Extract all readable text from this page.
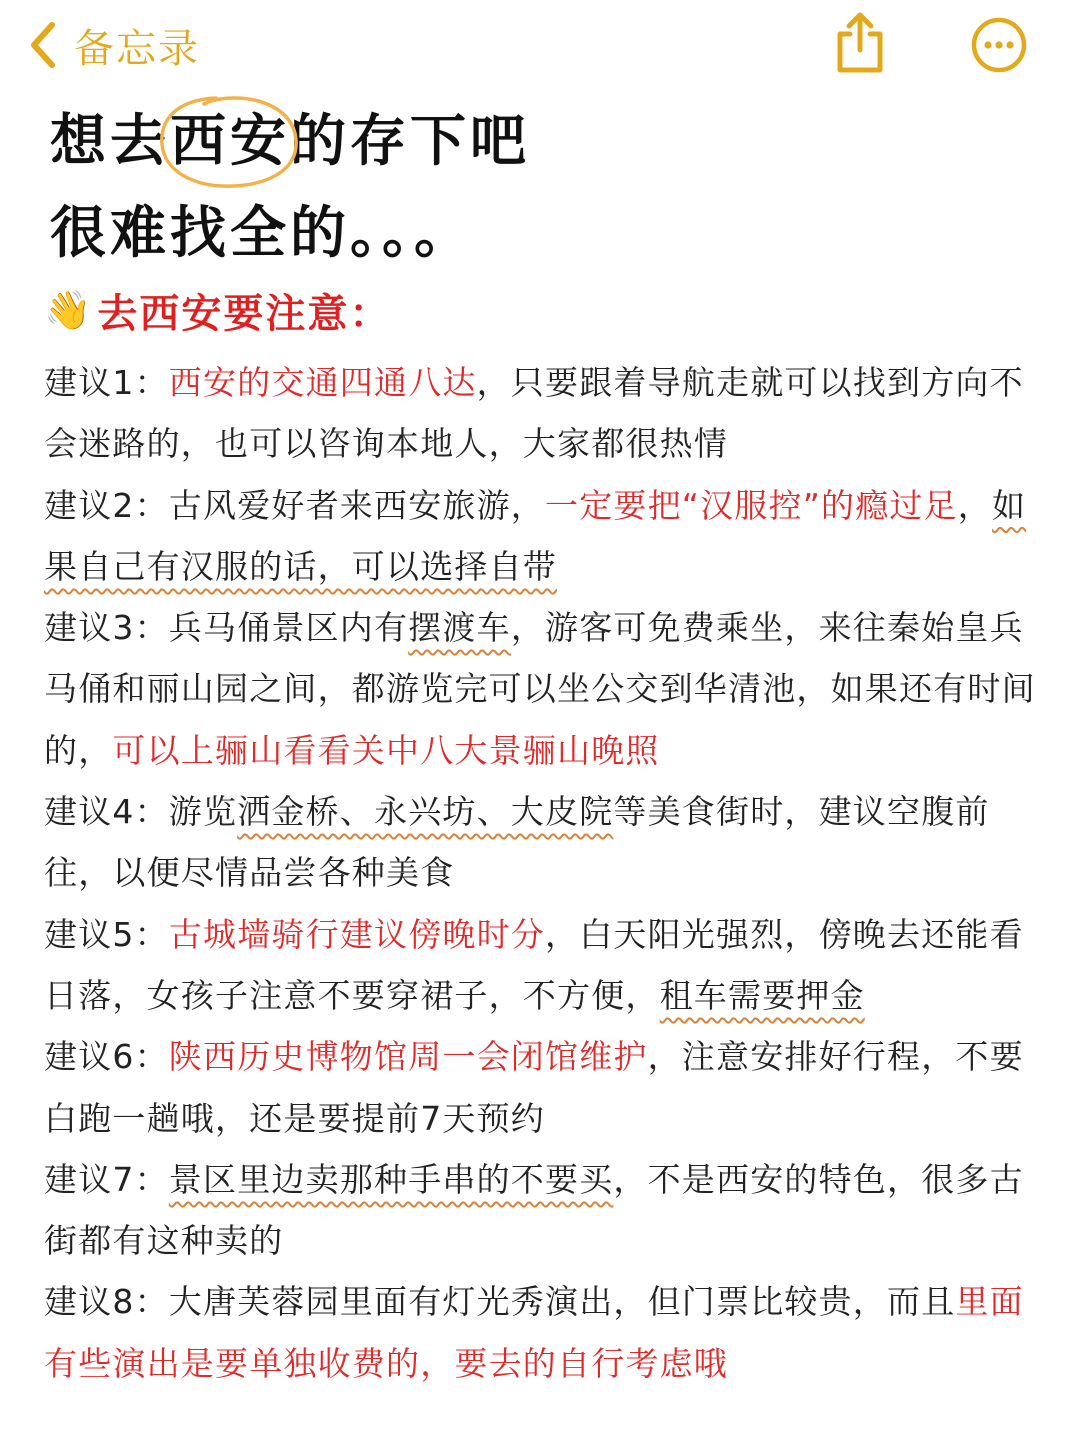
备忘录
想去西安
的存下吧
很难找全的。。。
👋 去西安要注意：

建议1：西安的交通四通八达，只要跟着导航走就可以找到方向不会迷路的，也可以咨询本地人，大家都很热情

建议2：古风爱好者来西安旅游，一定要把“汉服控”的瘾过足，如果自己有汉服的话，可以选择自带

建议3：兵马俑景区内有摆渡车，游客可免费乘坐，来往秦始皇兵马俑和丽山园之间，都游览完可以坐公交到华清池，如果还有时间的，可以上骊山看看关中八大景骊山晚照

建议4：游览洒金桥、永兴坊、大皮院等美食街时，建议空腹前往，以便尽情品尝各种美食

建议5：古城墙骑行建议傍晚时分，白天阳光强烈，傍晚去还能看日落，女孩子注意不要穿裙子，不方便，租车需要押金

建议6：陕西历史博物馆周一会闭馆维护，注意安排好行程，不要白跑一趟哦，还是要提前7天预约

建议7：景区里边卖那种手串的不要买，不是西安的特色，很多古街都有这种卖的

建议8：大唐芙蓉园里面有灯光秀演出，但门票比较贵，而且里面有些演出是要单独收费的，要去的自行考虑哦
